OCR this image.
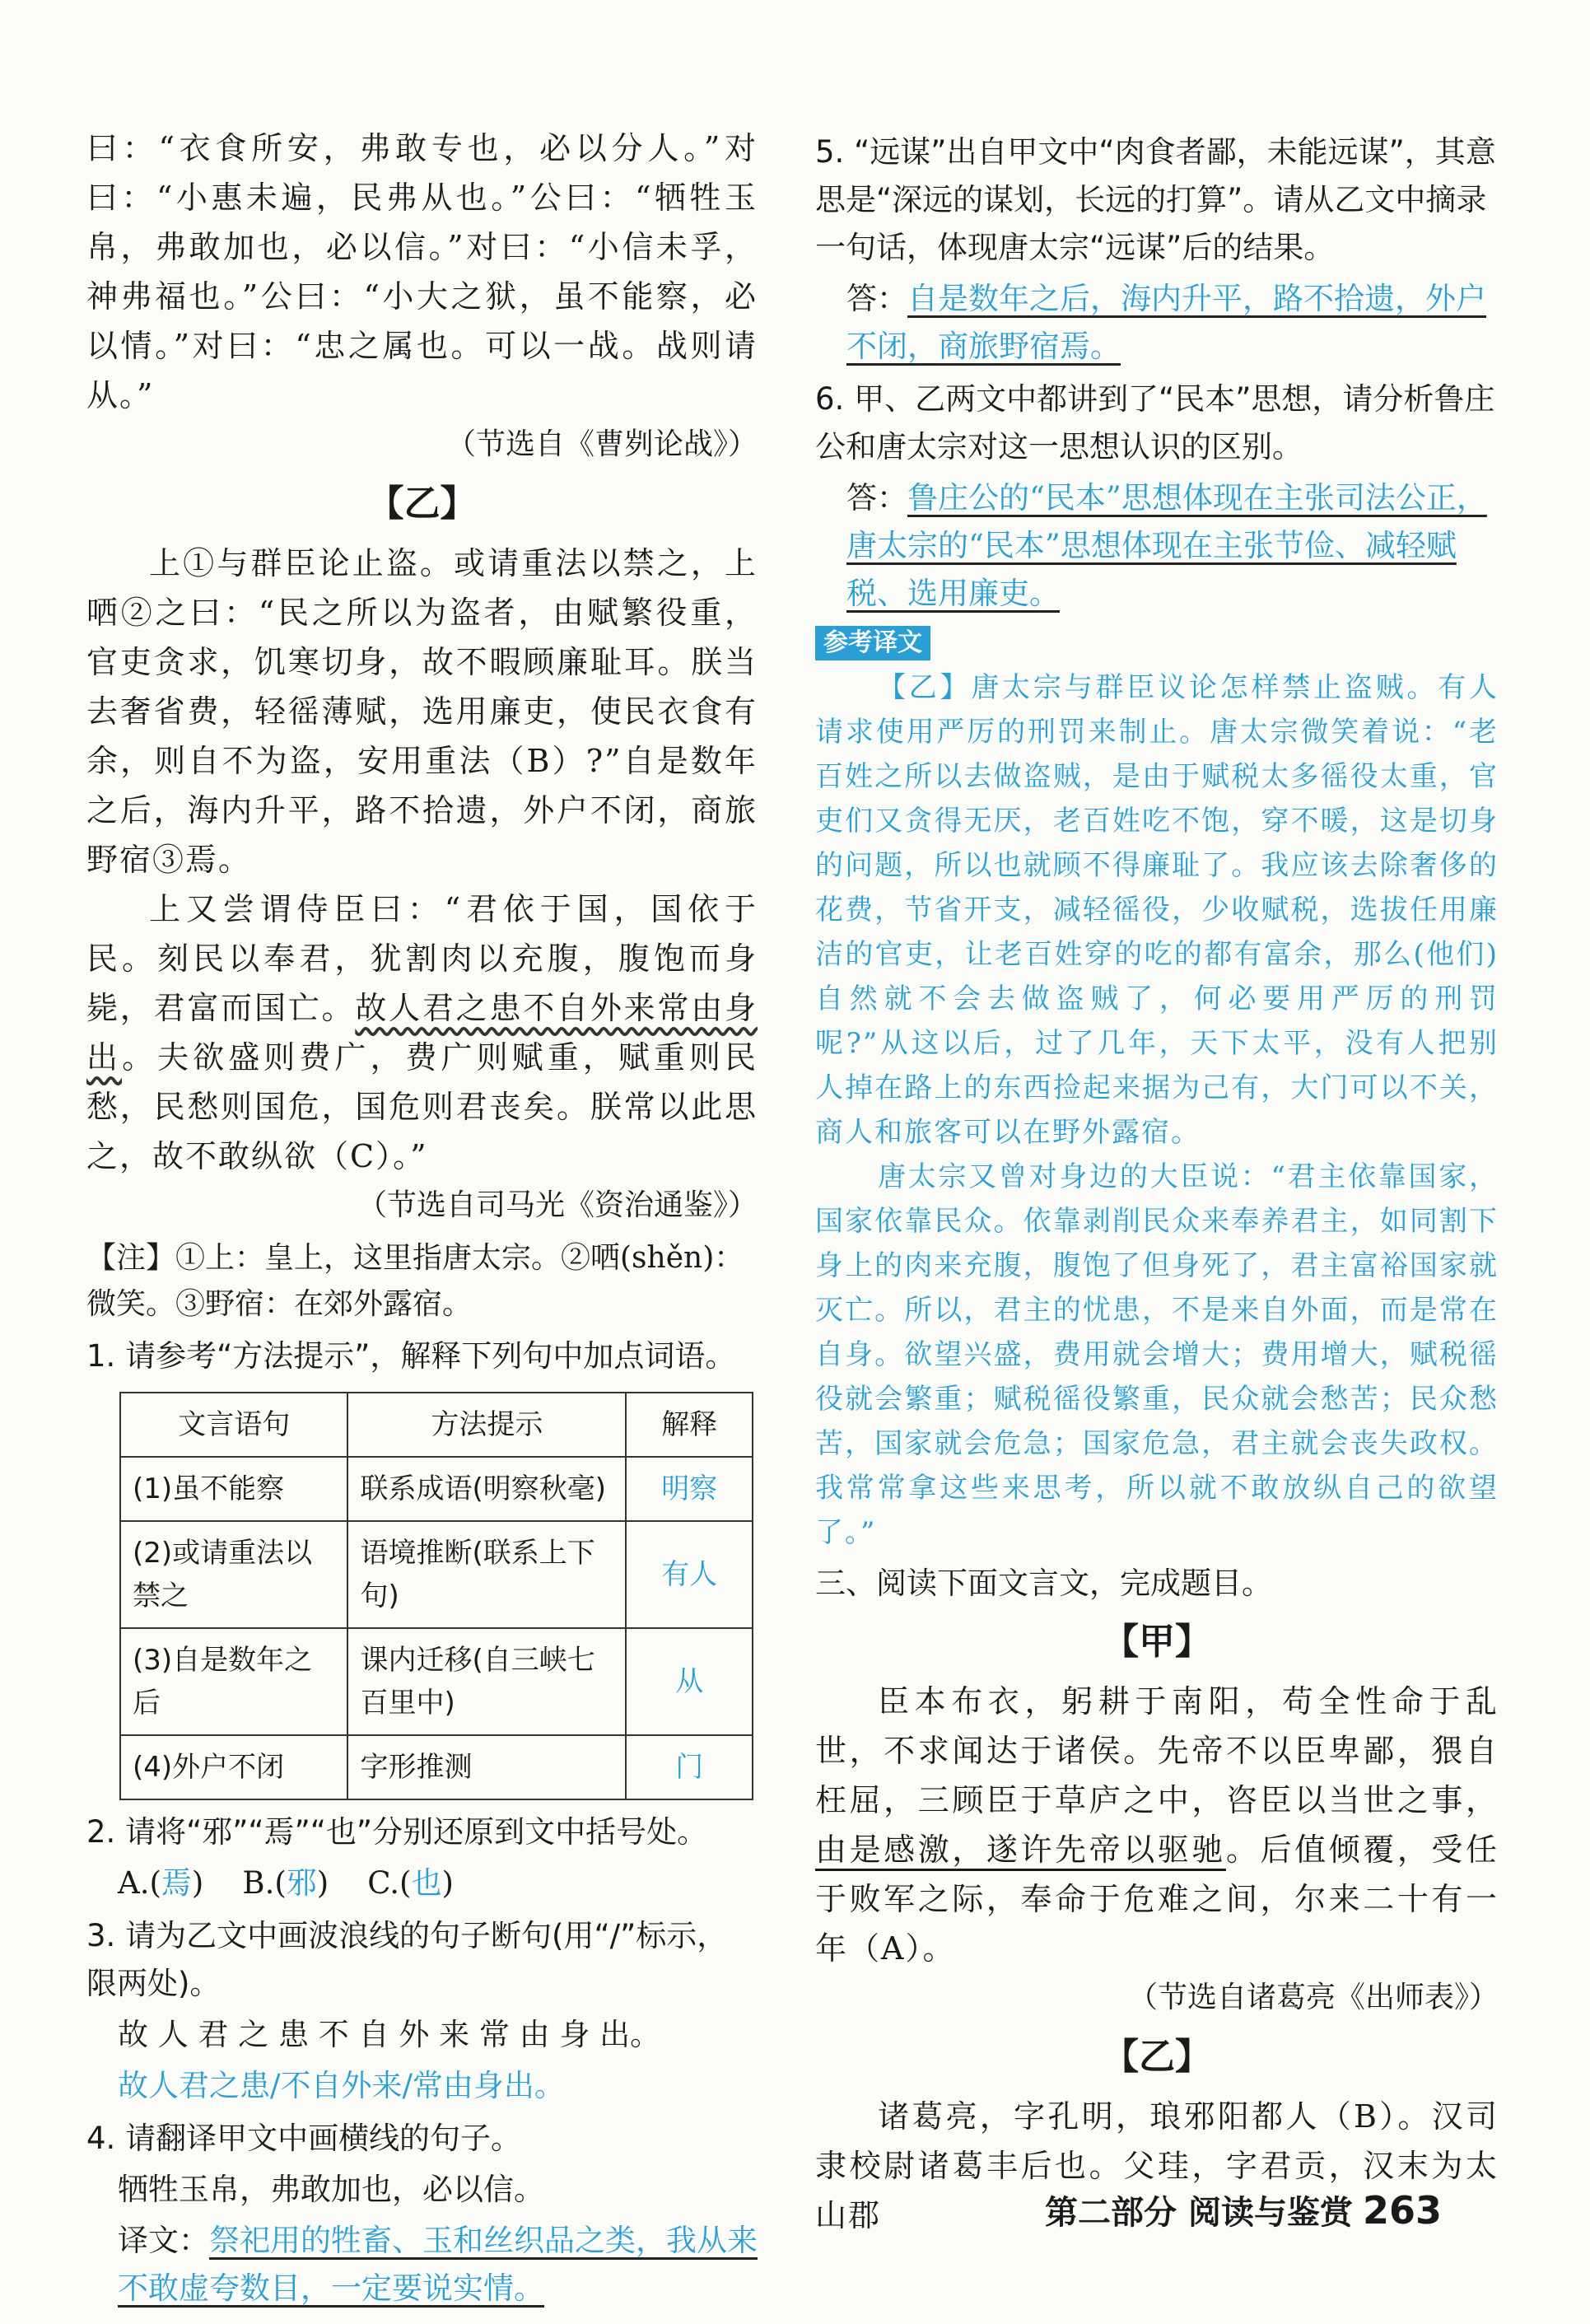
曰：“衣食所安，弗敢专也，必以分人。”对曰：“小惠未遍，民弗从也。”公曰：“牺牲玉帛，弗敢加也，必以信。”对曰：“小信未孚，神弗福也。”公曰：“小大之狱，虽不能察，必以情。”对曰：“忠之属也。可以一战。战则请从。”

（节选自《曹刿论战》）

【乙】

上①与群臣论止盗。或请重法以禁之，上哂②之曰：“民之所以为盗者，由赋繁役重，官吏贪求，饥寒切身，故不暇顾廉耻耳。朕当去奢省费，轻徭薄赋，选用廉吏，使民衣食有余，则自不为盗，安用重法（B）?”自是数年之后，海内升平，路不拾遗，外户不闭，商旅野宿③焉。

上又尝谓侍臣曰：“君依于国，国依于民。刻民以奉君，犹割肉以充腹，腹饱而身毙，君富而国亡。故人君之患不自外来常由身出。夫欲盛则费广，费广则赋重，赋重则民愁，民愁则国危，国危则君丧矣。朕常以此思之，故不敢纵欲（C）。”

（节选自司马光《资治通鉴》）

【注】①上：皇上，这里指唐太宗。②哂(shěn)：微笑。③野宿：在郊外露宿。

1. 请参考“方法提示”，解释下列句中加点词语。

文言语句	方法提示	解释
(1)虽不能察	联系成语(明察秋毫)	明察
(2)或请重法以禁之	语境推断(联系上下句)	有人
(3)自是数年之后	课内迁移(自三峡七百里中)	从
(4)外户不闭	字形推测	门

2. 请将“邪”“焉”“也”分别还原到文中括号处。

A.(焉) B.(邪) C.(也)

3. 请为乙文中画波浪线的句子断句(用“/”标示，限两处)。

故 人 君 之 患 不 自 外 来 常 由 身 出。

故人君之患/不自外来/常由身出。

4. 请翻译甲文中画横线的句子。

牺牲玉帛，弗敢加也，必以信。

译文：祭祀用的牲畜、玉和丝织品之类，我从来不敢虚夸数目，一定要说实情。

5. “远谋”出自甲文中“肉食者鄙，未能远谋”，其意思是“深远的谋划，长远的打算”。请从乙文中摘录一句话，体现唐太宗“远谋”后的结果。

答：自是数年之后，海内升平，路不拾遗，外户不闭，商旅野宿焉。

6. 甲、乙两文中都讲到了“民本”思想，请分析鲁庄公和唐太宗对这一思想认识的区别。

答：鲁庄公的“民本”思想体现在主张司法公正，唐太宗的“民本”思想体现在主张节俭、减轻赋税、选用廉吏。

参考译文

【乙】唐太宗与群臣议论怎样禁止盗贼。有人请求使用严厉的刑罚来制止。唐太宗微笑着说：“老百姓之所以去做盗贼，是由于赋税太多徭役太重，官吏们又贪得无厌，老百姓吃不饱，穿不暖，这是切身的问题，所以也就顾不得廉耻了。我应该去除奢侈的花费，节省开支，减轻徭役，少收赋税，选拔任用廉洁的官吏，让老百姓穿的吃的都有富余，那么(他们)自然就不会去做盗贼了，何必要用严厉的刑罚呢?”从这以后，过了几年，天下太平，没有人把别人掉在路上的东西捡起来据为己有，大门可以不关，商人和旅客可以在野外露宿。

唐太宗又曾对身边的大臣说：“君主依靠国家，国家依靠民众。依靠剥削民众来奉养君主，如同割下身上的肉来充腹，腹饱了但身死了，君主富裕国家就灭亡。所以，君主的忧患，不是来自外面，而是常在自身。欲望兴盛，费用就会增大；费用增大，赋税徭役就会繁重；赋税徭役繁重，民众就会愁苦；民众愁苦，国家就会危急；国家危急，君主就会丧失政权。我常常拿这些来思考，所以就不敢放纵自己的欲望了。”

三、阅读下面文言文，完成题目。

【甲】

臣本布衣，躬耕于南阳，苟全性命于乱世，不求闻达于诸侯。先帝不以臣卑鄙，猥自枉屈，三顾臣于草庐之中，咨臣以当世之事，由是感激，遂许先帝以驱驰。后值倾覆，受任于败军之际，奉命于危难之间，尔来二十有一年（A）。

（节选自诸葛亮《出师表》）

【乙】

诸葛亮，字孔明，琅邪阳都人（B）。汉司隶校尉诸葛丰后也。父珪，字君贡，汉末为太山郡	第二部分 阅读与鉴赏 263
